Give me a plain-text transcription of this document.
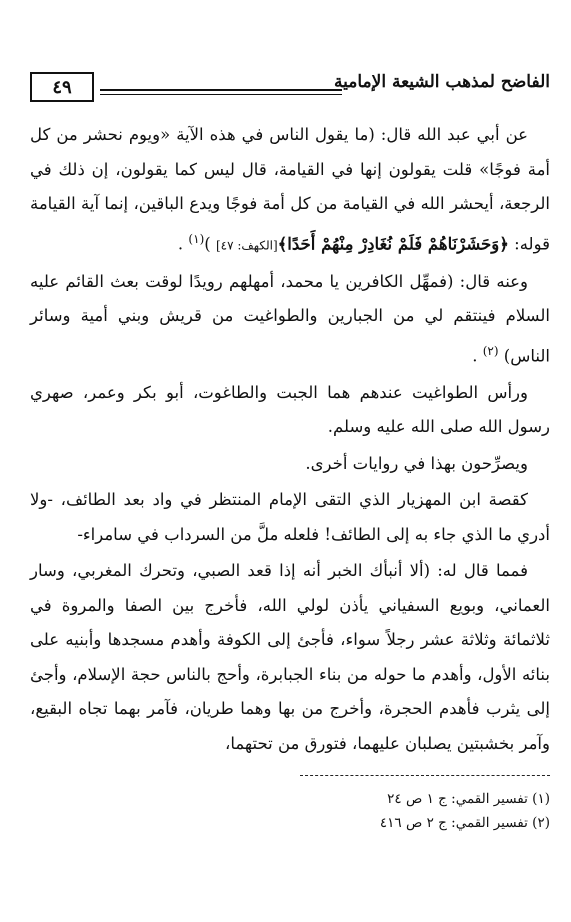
٤٩	الفاضح لمذهب الشيعة الإمامية

عن أبي عبد الله قال: (ما يقول الناس في هذه الآية «ويوم نحشر من كل أمة فوجًا» قلت يقولون إنها في القيامة، قال ليس كما يقولون، إن ذلك في الرجعة، أيحشر الله في القيامة من كل أمة فوجًا ويدع الباقين، إنما آية القيامة قوله: ﴿وَحَشَرْنَاهُمْ فَلَمْ نُغَادِرْ مِنْهُمْ أَحَدًا﴾[الكهف: ٤٧] )$^{(١)}$ .

وعنه قال: (فمهِّل الكافرين يا محمد، أمهلهم رويدًا لوقت بعث القائم عليه السلام فينتقم لي من الجبارين والطواغيت من قريش وبني أمية وسائر الناس) $^{(٢)}$ .

ورأس الطواغيت عندهم هما الجبت والطاغوت، أبو بكر وعمر، صهري رسول الله صلى الله عليه وسلم.

ويصرِّحون بهذا في روايات أخرى.

كقصة ابن المهزيار الذي التقى الإمام المنتظر في واد بعد الطائف، -ولا أدري ما الذي جاء به إلى الطائف! فلعله ملَّ من السرداب في سامراء-

فمما قال له: (ألا أنبأك الخبر أنه إذا قعد الصبي، وتحرك المغربي، وسار العماني، وبويع السفياني يأذن لولي الله، فأخرج بين الصفا والمروة في ثلاثمائة وثلاثة عشر رجلاً سواء، فأجئ إلى الكوفة وأهدم مسجدها وأبنيه على بنائه الأول، وأهدم ما حوله من بناء الجبابرة، وأحج بالناس حجة الإسلام، وأجئ إلى يثرب فأهدم الحجرة، وأخرج من بها وهما طريان، فآمر بهما تجاه البقيع، وآمر بخشبتين يصلبان عليهما، فتورق من تحتهما،

(١) تفسير القمي: ج ١ ص ٢٤
(٢) تفسير القمي: ج ٢ ص ٤١٦
